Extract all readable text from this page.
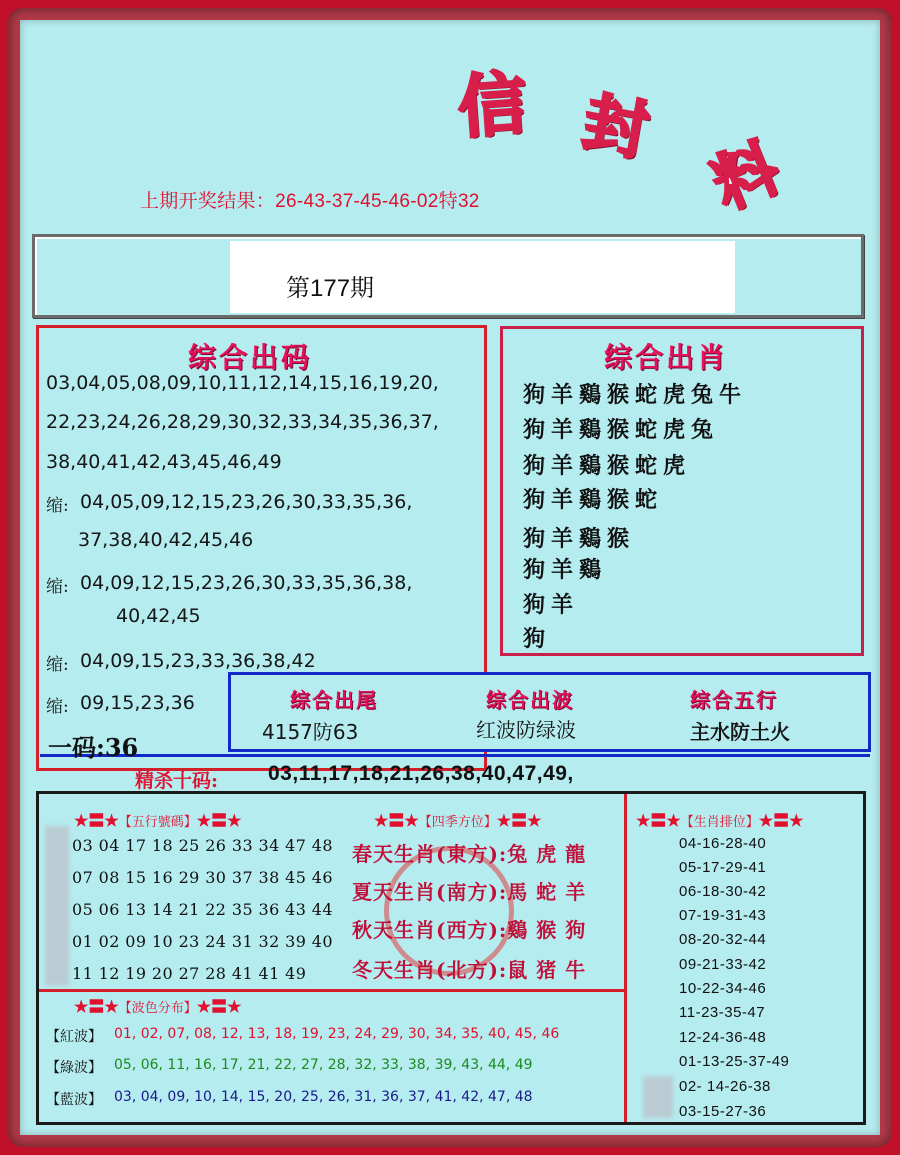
信 封
料
上期开奖结果：26-43-37-45-46-02特32
第177期
综合出码
03,04,05,08,09,10,11,12,14,15,16,19,20,
22,23,24,26,28,29,30,32,33,34,35,36,37,
38,40,41,42,43,45,46,49
缩: 04,05,09,12,15,23,26,30,33,35,36,
37,38,40,42,45,46
缩: 04,09,12,15,23,26,30,33,35,36,38,
40,42,45
缩: 04,09,15,23,33,36,38,42
缩: 09,15,23,36
综合出肖
狗羊鷄猴蛇虎兔牛
狗羊鷄猴蛇虎兔
狗羊鷄猴蛇虎
狗羊鷄猴蛇
狗羊鷄猴
狗羊鷄
狗羊
狗
综合出尾
4157防63
综合出波
红波防绿波
综合五行
主水防土火
一码:36
精杀十码: 03,11,17,18,21,26,38,40,47,49,
★〓★【五行號碼】★〓★
03 04 17 18 25 26 33 34 47 48
07 08 15 16 29 30 37 38 45 46
05 06 13 14 21 22 35 36 43 44
01 02 09 10 23 24 31 32 39 40
11 12 19 20 27 28 41 41 49
★〓★【四季方位】★〓★
春天生肖(東方):兔 虎 龍
夏天生肖(南方):馬 蛇 羊
秋天生肖(西方):鷄 猴 狗
冬天生肖(北方):鼠 猪 牛
★〓★【生肖排位】★〓★
04-16-28-40
05-17-29-41
06-18-30-42
07-19-31-43
08-20-32-44
09-21-33-42
10-22-34-46
11-23-35-47
12-24-36-48
01-13-25-37-49
02- 14-26-38
03-15-27-36
★〓★【波色分布】★〓★
【紅波】 01, 02, 07, 08, 12, 13, 18, 19, 23, 24, 29, 30, 34, 35, 40, 45, 46
【綠波】 05, 06, 11, 16, 17, 21, 22, 27, 28, 32, 33, 38, 39, 43, 44, 49
【藍波】 03, 04, 09, 10, 14, 15, 20, 25, 26, 31, 36, 37, 41, 42, 47, 48
